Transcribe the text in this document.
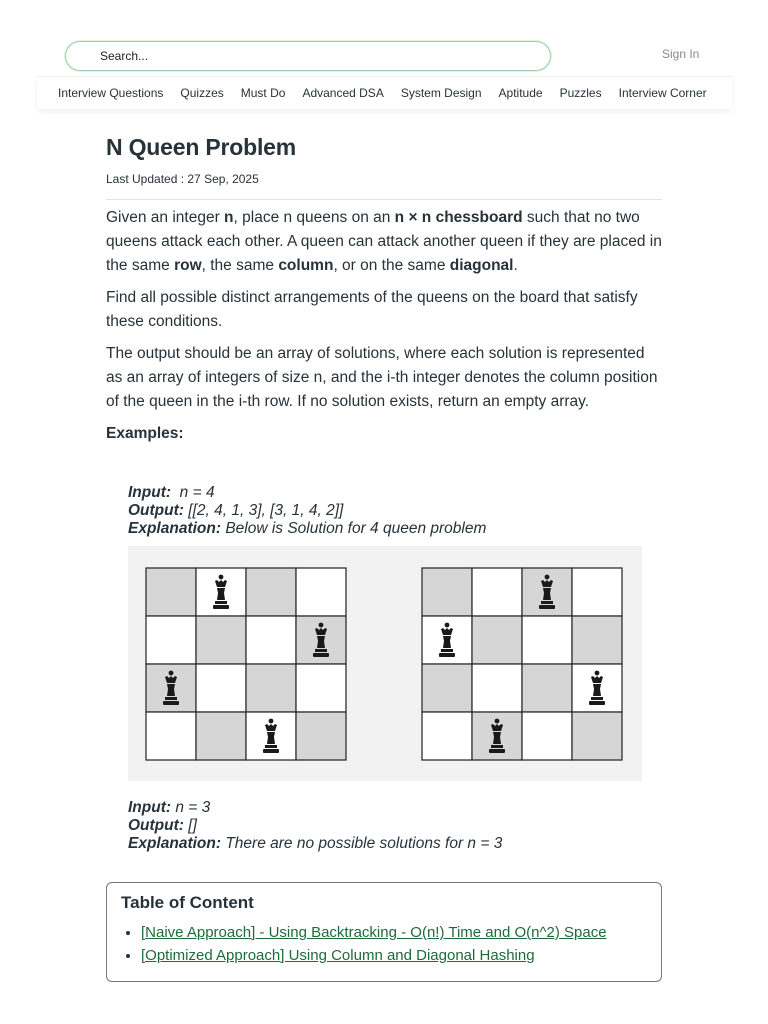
Search...
Sign In
Interview Questions Quizzes Must Do Advanced DSA System Design Aptitude Puzzles Interview Corner
N Queen Problem
Last Updated : 27 Sep, 2025

Given an integer n, place n queens on an n × n chessboard such that no two queens attack each other. A queen can attack another queen if they are placed in the same row, the same column, or on the same diagonal.

Find all possible distinct arrangements of the queens on the board that satisfy these conditions.

The output should be an array of solutions, where each solution is represented as an array of integers of size n, and the i-th integer denotes the column position of the queen in the i-th row. If no solution exists, return an empty array.

Examples:

Input:  n = 4
Output: [[2, 4, 1, 3], [3, 1, 4, 2]]
Explanation: Below is Solution for 4 queen problem
Input: n = 3
Output: []
Explanation: There are no possible solutions for n = 3
Table of Content
• [Naive Approach] - Using Backtracking - O(n!) Time and O(n^2) Space
• [Optimized Approach] Using Column and Diagonal Hashing
